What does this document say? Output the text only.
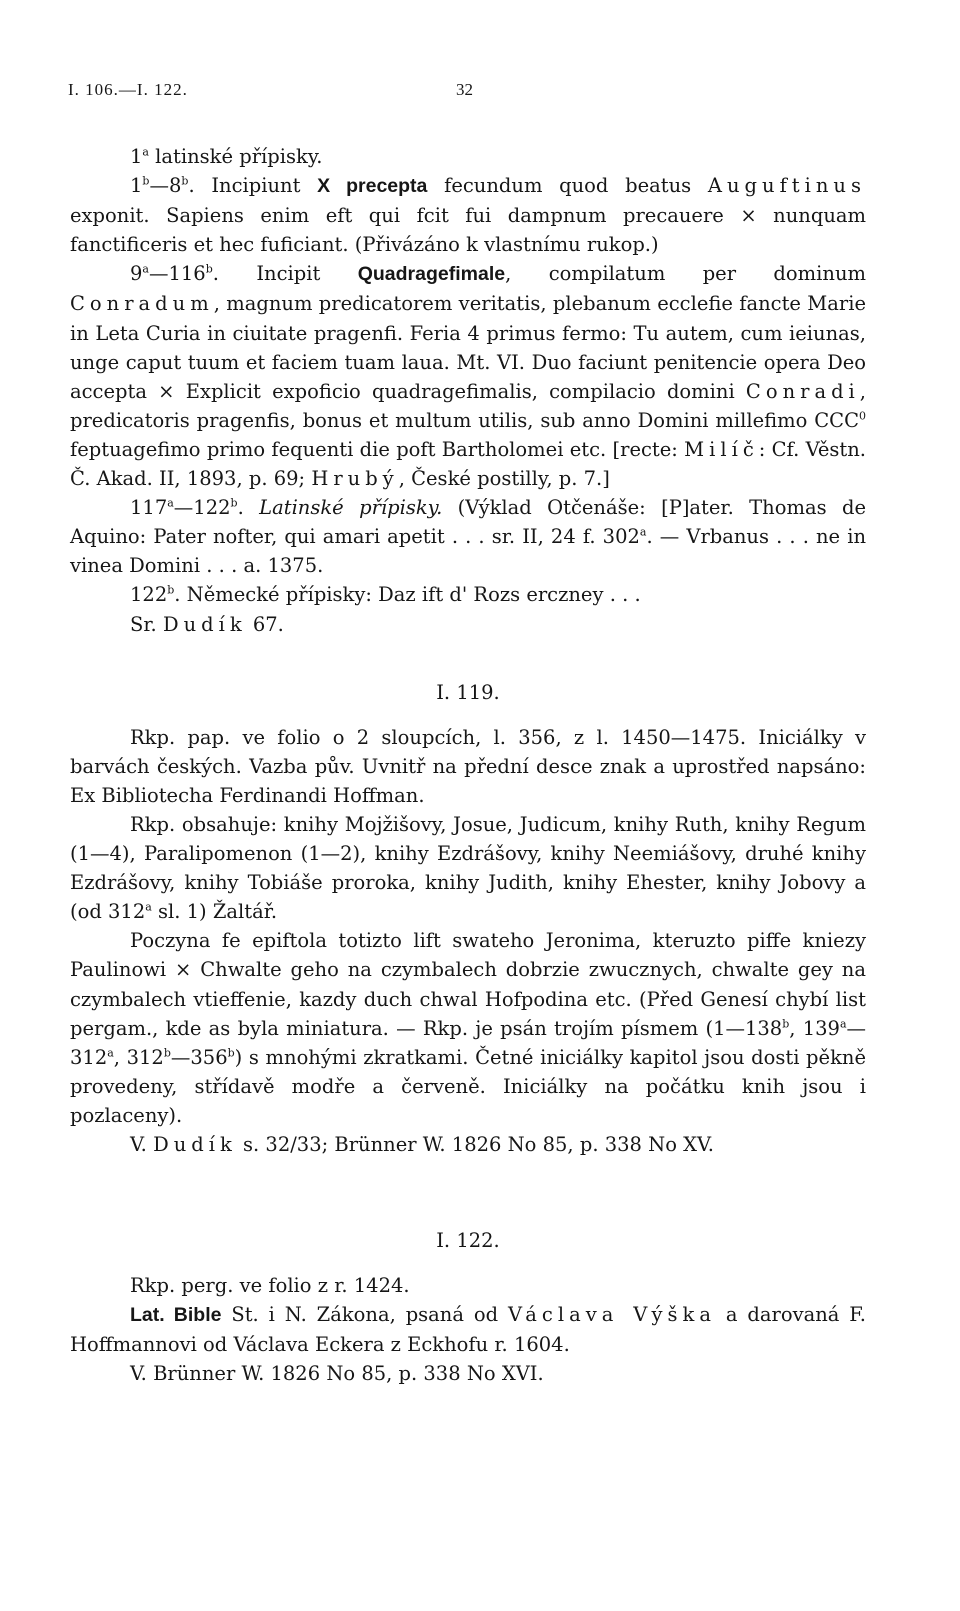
I. 106.—I. 122.	32

1$^a$ latinské přípisky.

1$^b$—8$^b$. Incipiunt X precepta fecundum quod beatus Auguftinus exponit. Sapiens enim eft qui fcit fui dampnum precauere × nunquam fanctificeris et hec fuficiant. (Přivázáno k vlastnímu rukop.)

9$^a$—116$^b$. Incipit Quadragefimale, compilatum per dominum Conradum, magnum predicatorem veritatis, plebanum ecclefie fancte Marie in Leta Curia in ciuitate pragenfi. Feria 4 primus fermo: Tu autem, cum ieiunas, unge caput tuum et faciem tuam laua. Mt. VI. Duo faciunt penitencie opera Deo accepta × Explicit expoficio quadragefimalis, compilacio domini Conradi, predicatoris pragenfis, bonus et multum utilis, sub anno Domini millefimo CCC$^0$ feptuagefimo primo fequenti die poft Bartholomei etc. [recte: Milíč: Cf. Věstn. Č. Akad. II, 1893, p. 69; Hrubý, České postilly, p. 7.]

117$^a$—122$^b$. Latinské přípisky. (Výklad Otčenáše: [P]ater. Thomas de Aquino: Pater nofter, qui amari apetit . . . sr. II, 24 f. 302$^a$. — Vrbanus . . . ne in vinea Domini . . . a. 1375.

122$^b$. Německé přípisky: Daz ift d' Rozs erczney . . .

Sr. Dudík 67.

I. 119.

Rkp. pap. ve folio o 2 sloupcích, l. 356, z l. 1450—1475. Iniciálky v barvách českých. Vazba pův. Uvnitř na přední desce znak a uprostřed napsáno: Ex Bibliotecha Ferdinandi Hoffman.

Rkp. obsahuje: knihy Mojžišovy, Josue, Judicum, knihy Ruth, knihy Regum (1—4), Paralipomenon (1—2), knihy Ezdrášovy, knihy Neemiášovy, druhé knihy Ezdrášovy, knihy Tobiáše proroka, knihy Judith, knihy Ehester, knihy Jobovy a (od 312$^a$ sl. 1) Žaltář.

Poczyna fe epiftola totizto lift swateho Jeronima, kteruzto piffe kniezy Paulinowi × Chwalte geho na czymbalech dobrzie zwucznych, chwalte gey na czymbalech vtieffenie, kazdy duch chwal Hofpodina etc. (Před Genesí chybí list pergam., kde as byla miniatura. — Rkp. je psán trojím písmem (1—138$^b$, 139$^a$—312$^a$, 312$^b$—356$^b$) s mnohými zkratkami. Četné iniciálky kapitol jsou dosti pěkně provedeny, střídavě modře a červeně. Iniciálky na počátku knih jsou i pozlaceny).

V. Dudík s. 32/33; Brünner W. 1826 No 85, p. 338 No XV.

I. 122.

Rkp. perg. ve folio z r. 1424.

Lat. Bible St. i N. Zákona, psaná od Václava Výška a darovaná F. Hoffmannovi od Václava Eckera z Eckhofu r. 1604.

V. Brünner W. 1826 No 85, p. 338 No XVI.
